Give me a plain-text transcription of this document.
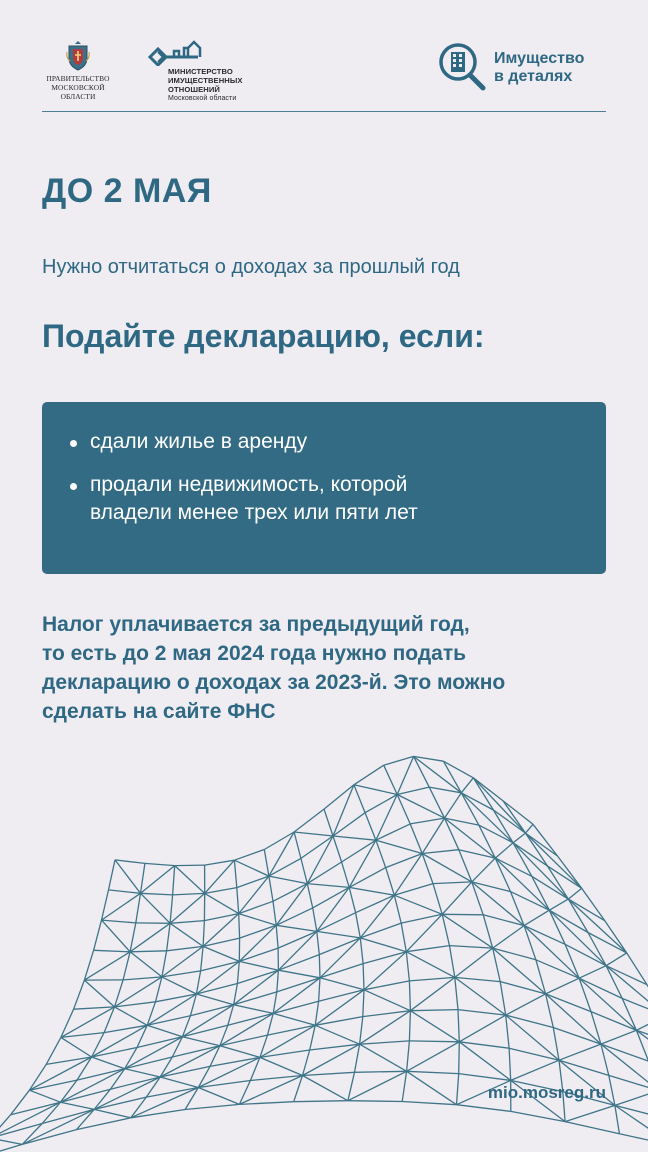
ПРАВИТЕЛЬСТВО
МОСКОВСКОЙ
ОБЛАСТИ
МИНИСТЕРСТВО
ИМУЩЕСТВЕННЫХ
ОТНОШЕНИЙ
Московской области
Имущество
в деталях
ДО 2 МАЯ
Нужно отчитаться о доходах за прошлый год
Подайте декларацию, если:
сдали жилье в аренду
продали недвижимость, которой
владели менее трех или пяти лет
Налог уплачивается за предыдущий год,
то есть до 2 мая 2024 года нужно подать
декларацию о доходах за 2023-й. Это можно
сделать на сайте ФНС
mio.mosreg.ru
